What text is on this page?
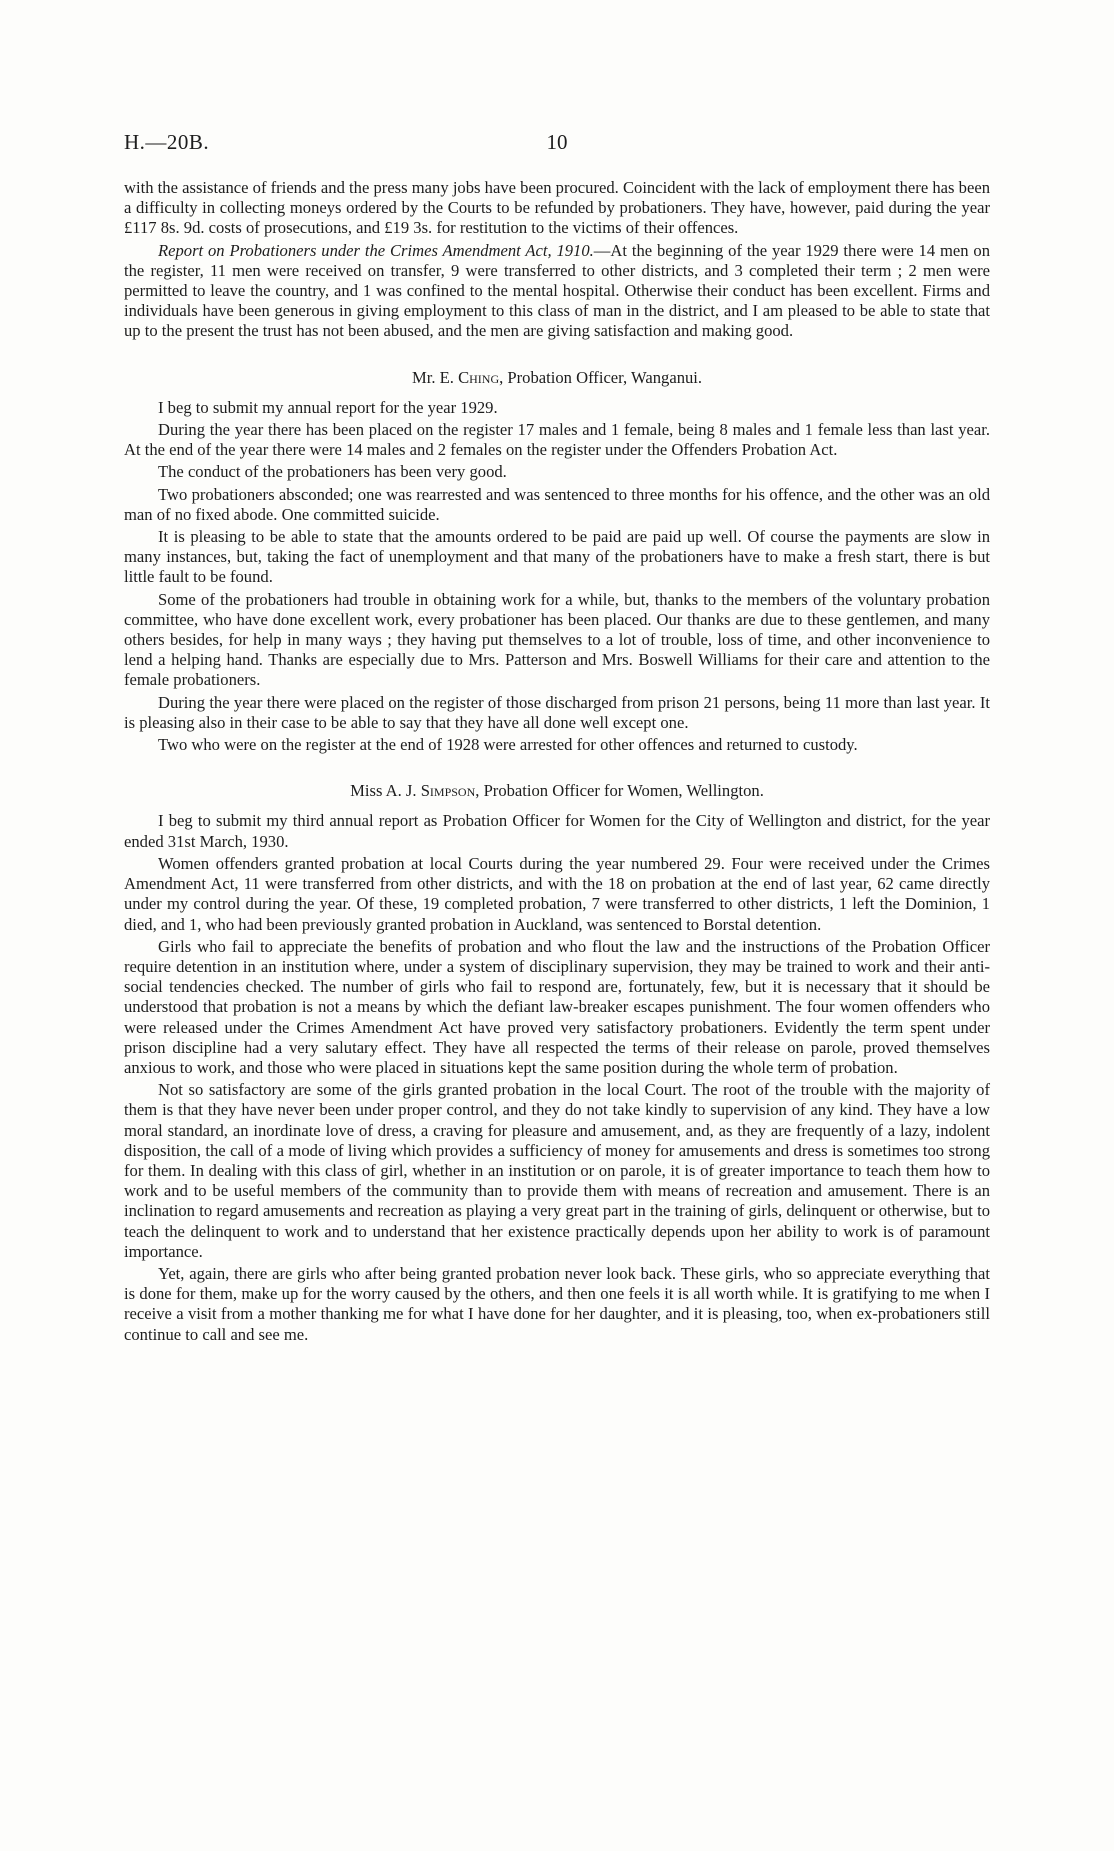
H.—20B.	10

with the assistance of friends and the press many jobs have been procured. Coincident with the lack of employment there has been a difficulty in collecting moneys ordered by the Courts to be refunded by probationers. They have, however, paid during the year £117 8s. 9d. costs of prosecutions, and £19 3s. for restitution to the victims of their offences.

Report on Probationers under the Crimes Amendment Act, 1910.—At the beginning of the year 1929 there were 14 men on the register, 11 men were received on transfer, 9 were transferred to other districts, and 3 completed their term ; 2 men were permitted to leave the country, and 1 was confined to the mental hospital. Otherwise their conduct has been excellent. Firms and individuals have been generous in giving employment to this class of man in the district, and I am pleased to be able to state that up to the present the trust has not been abused, and the men are giving satisfaction and making good.

Mr. E. Ching, Probation Officer, Wanganui.

I beg to submit my annual report for the year 1929.

During the year there has been placed on the register 17 males and 1 female, being 8 males and 1 female less than last year. At the end of the year there were 14 males and 2 females on the register under the Offenders Probation Act.

The conduct of the probationers has been very good.

Two probationers absconded; one was rearrested and was sentenced to three months for his offence, and the other was an old man of no fixed abode. One committed suicide.

It is pleasing to be able to state that the amounts ordered to be paid are paid up well. Of course the payments are slow in many instances, but, taking the fact of unemployment and that many of the probationers have to make a fresh start, there is but little fault to be found.

Some of the probationers had trouble in obtaining work for a while, but, thanks to the members of the voluntary probation committee, who have done excellent work, every probationer has been placed. Our thanks are due to these gentlemen, and many others besides, for help in many ways ; they having put themselves to a lot of trouble, loss of time, and other inconvenience to lend a helping hand. Thanks are especially due to Mrs. Patterson and Mrs. Boswell Williams for their care and attention to the female probationers.

During the year there were placed on the register of those discharged from prison 21 persons, being 11 more than last year. It is pleasing also in their case to be able to say that they have all done well except one.

Two who were on the register at the end of 1928 were arrested for other offences and returned to custody.

Miss A. J. Simpson, Probation Officer for Women, Wellington.

I beg to submit my third annual report as Probation Officer for Women for the City of Wellington and district, for the year ended 31st March, 1930.

Women offenders granted probation at local Courts during the year numbered 29. Four were received under the Crimes Amendment Act, 11 were transferred from other districts, and with the 18 on probation at the end of last year, 62 came directly under my control during the year. Of these, 19 completed probation, 7 were transferred to other districts, 1 left the Dominion, 1 died, and 1, who had been previously granted probation in Auckland, was sentenced to Borstal detention.

Girls who fail to appreciate the benefits of probation and who flout the law and the instructions of the Probation Officer require detention in an institution where, under a system of disciplinary supervision, they may be trained to work and their anti-social tendencies checked. The number of girls who fail to respond are, fortunately, few, but it is necessary that it should be understood that probation is not a means by which the defiant law-breaker escapes punishment. The four women offenders who were released under the Crimes Amendment Act have proved very satisfactory probationers. Evidently the term spent under prison discipline had a very salutary effect. They have all respected the terms of their release on parole, proved themselves anxious to work, and those who were placed in situations kept the same position during the whole term of probation.

Not so satisfactory are some of the girls granted probation in the local Court. The root of the trouble with the majority of them is that they have never been under proper control, and they do not take kindly to supervision of any kind. They have a low moral standard, an inordinate love of dress, a craving for pleasure and amusement, and, as they are frequently of a lazy, indolent disposition, the call of a mode of living which provides a sufficiency of money for amusements and dress is sometimes too strong for them. In dealing with this class of girl, whether in an institution or on parole, it is of greater importance to teach them how to work and to be useful members of the community than to provide them with means of recreation and amusement. There is an inclination to regard amusements and recreation as playing a very great part in the training of girls, delinquent or otherwise, but to teach the delinquent to work and to understand that her existence practically depends upon her ability to work is of paramount importance.

Yet, again, there are girls who after being granted probation never look back. These girls, who so appreciate everything that is done for them, make up for the worry caused by the others, and then one feels it is all worth while. It is gratifying to me when I receive a visit from a mother thanking me for what I have done for her daughter, and it is pleasing, too, when ex-probationers still continue to call and see me.
